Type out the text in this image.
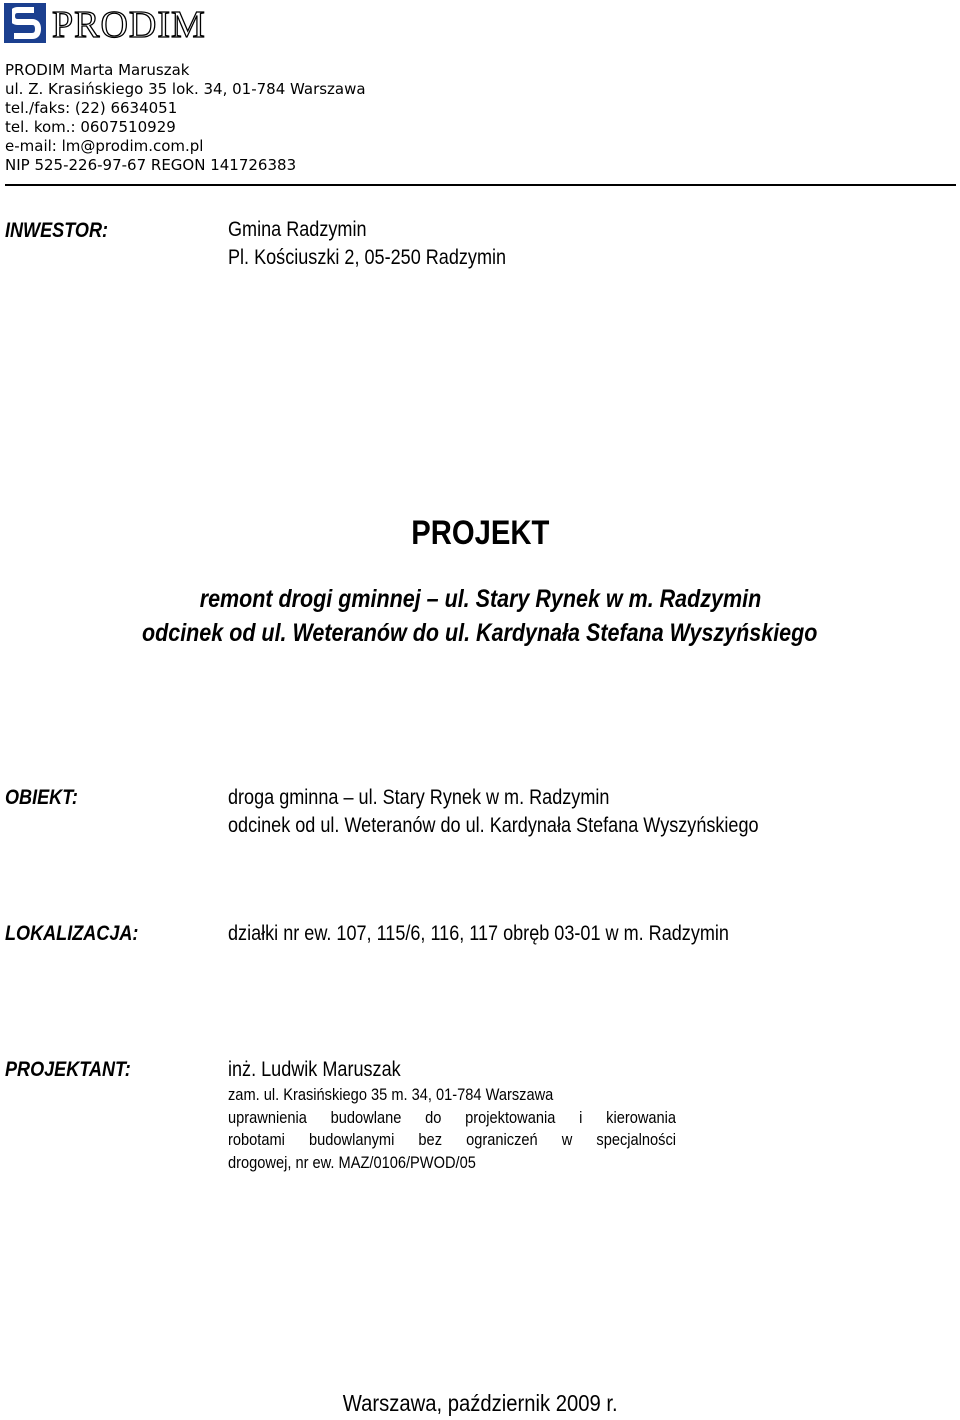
PRODIM
PRODIM Marta Maruszak
ul. Z. Krasińskiego 35 lok. 34, 01-784 Warszawa
tel./faks: (22) 6634051
tel. kom.: 0607510929
e-mail: lm@prodim.com.pl
NIP 525-226-97-67 REGON 141726383
INWESTOR:	Gmina Radzymin
Pl. Kościuszki 2, 05-250 Radzymin
PROJEKT
remont drogi gminnej – ul. Stary Rynek w m. Radzymin
odcinek od ul. Weteranów do ul. Kardynała Stefana Wyszyńskiego
OBIEKT:	droga gminna – ul. Stary Rynek w m. Radzymin
odcinek od ul. Weteranów do ul. Kardynała Stefana Wyszyńskiego
LOKALIZACJA:	działki nr ew. 107, 115/6, 116, 117 obręb 03-01 w m. Radzymin
PROJEKTANT:	inż. Ludwik Maruszak
zam. ul. Krasińskiego 35 m. 34, 01-784 Warszawa
uprawnienia budowlane do projektowania i kierowania
robotami budowlanymi bez ograniczeń w specjalności
drogowej, nr ew. MAZ/0106/PWOD/05
Warszawa, październik 2009 r.
